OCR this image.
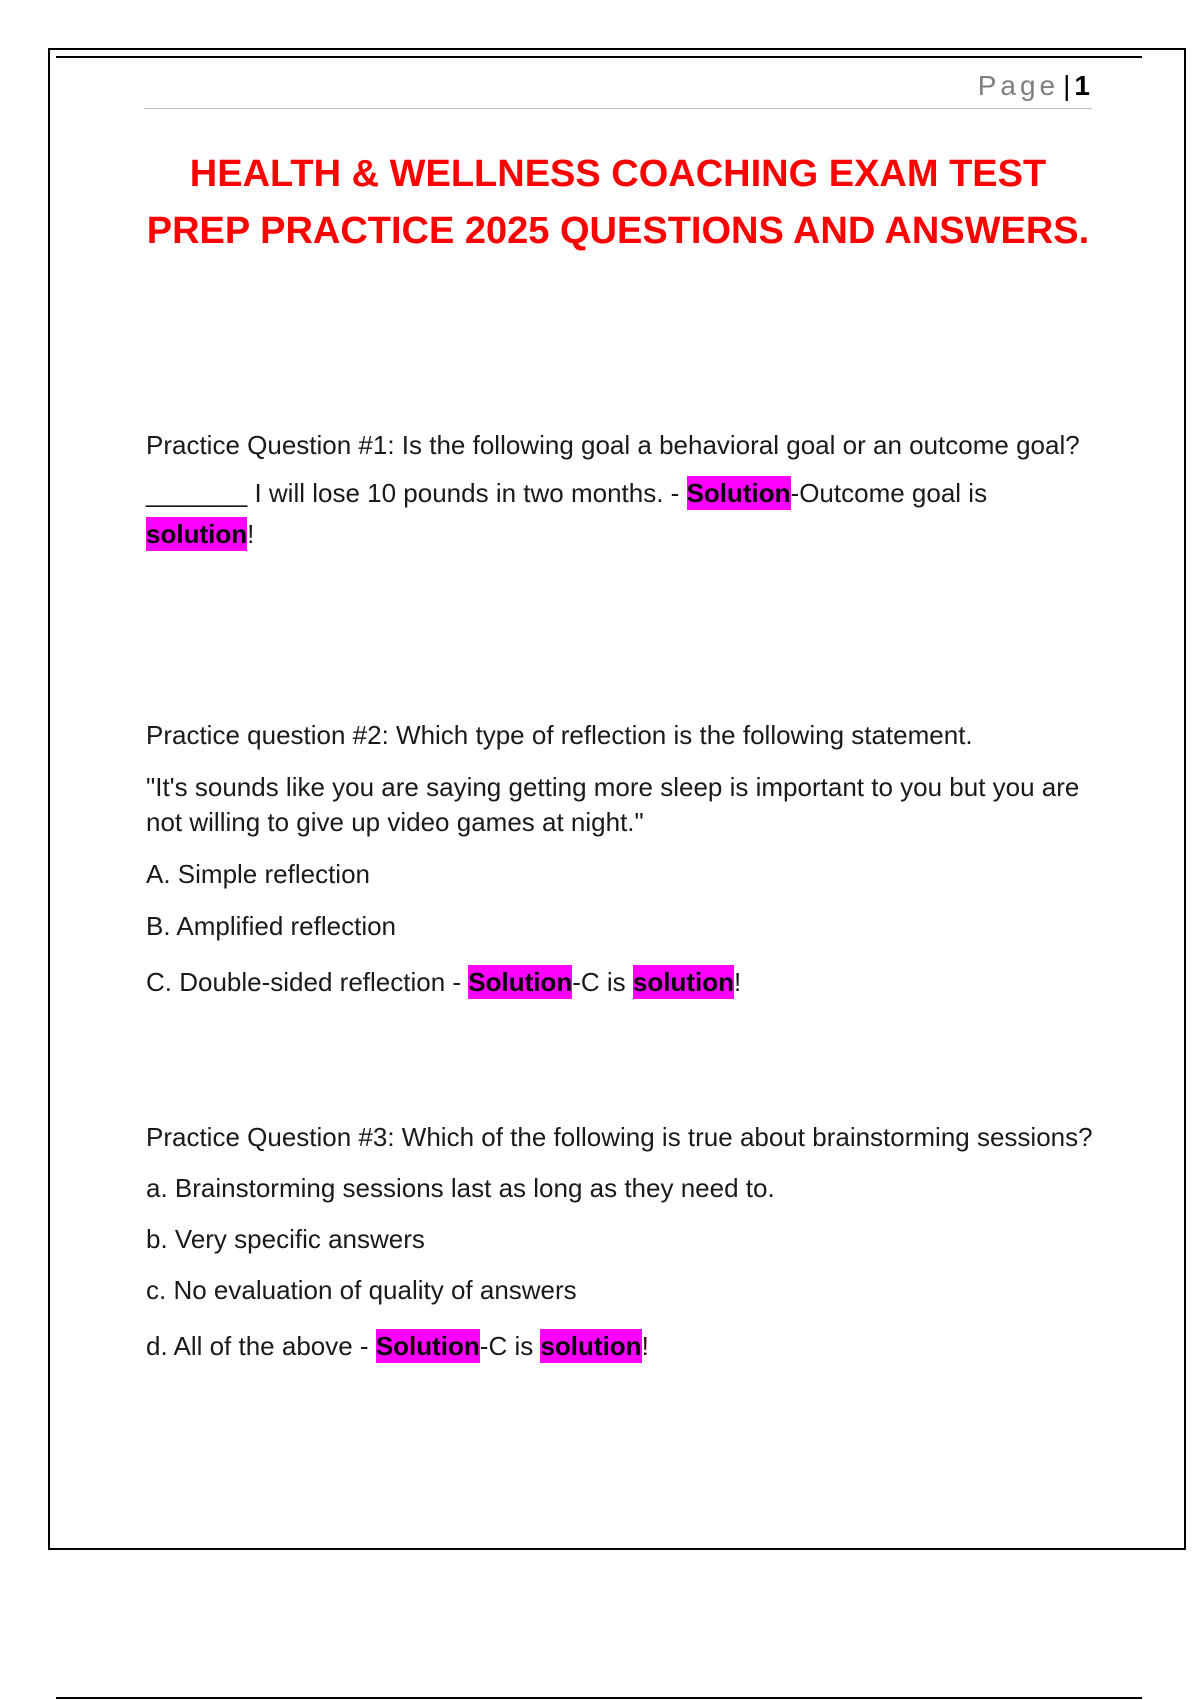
Page | 1
HEALTH & WELLNESS COACHING EXAM TEST PREP PRACTICE 2025 QUESTIONS AND ANSWERS.

Practice Question #1: Is the following goal a behavioral goal or an outcome goal?

_______ I will lose 10 pounds in two months. - Solution-Outcome goal is

solution!

Practice question #2: Which type of reflection is the following statement.

"It's sounds like you are saying getting more sleep is important to you but you are not willing to give up video games at night."

A. Simple reflection

B. Amplified reflection

C. Double-sided reflection - Solution-C is solution!

Practice Question #3: Which of the following is true about brainstorming sessions?

a. Brainstorming sessions last as long as they need to.

b. Very specific answers

c. No evaluation of quality of answers

d. All of the above - Solution-C is solution!
